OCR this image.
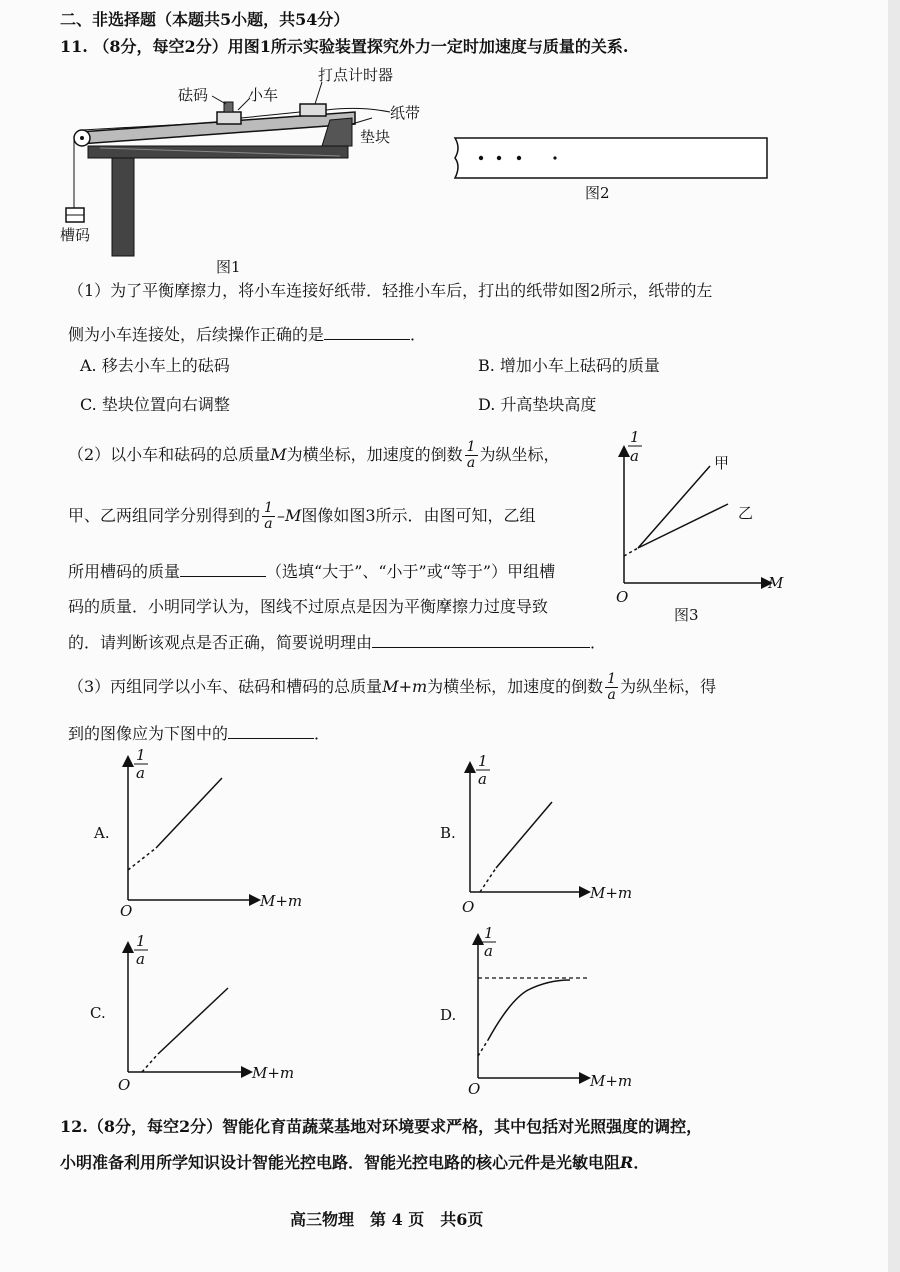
二、非选择题（本题共5小题，共54分）
11. （8分，每空2分）用图1所示实验装置探究外力一定时加速度与质量的关系.
砝码	小车
打点计时器
纸带
垫块
槽码
图1
图2
（1）为了平衡摩擦力，将小车连接好纸带．轻推小车后，打出的纸带如图2所示，纸带的左
侧为小车连接处，后续操作正确的是	．
A. 移去小车上的砝码	B. 增加小车上砝码的质量
C. 垫块位置向右调整	D. 升高垫块高度
（2）以小车和砝码的总质量M为横坐标，加速度的倒数 $\frac{1}{a}$ 为纵坐标，
甲、乙两组同学分别得到的 $\frac{1}{a} -M$图像如图3所示．由图可知，乙组
所用槽码的质量	（选填“大于”、“小于”或“等于”）甲组槽
码的质量．小明同学认为，图线不过原点是因为平衡摩擦力过度导致
的．请判断该观点是否正确，简要说明理由	．
1
a	甲
乙
M
O
图3
（3）丙组同学以小车、砝码和槽码的总质量M+m为横坐标，加速度的倒数 $\frac{1}{a}$ 为纵坐标，得
到的图像应为下图中的	．
1
a
A.
M+m
O
1
a
B.
M+m
O
1
a
C.
M+m
O
1
a
D.
M+m
O
12.（8分，每空2分）智能化育苗蔬菜基地对环境要求严格，其中包括对光照强度的调控，
小明准备利用所学知识设计智能光控电路．智能光控电路的核心元件是光敏电阻R．
高三物理　第 4 页　共6页
